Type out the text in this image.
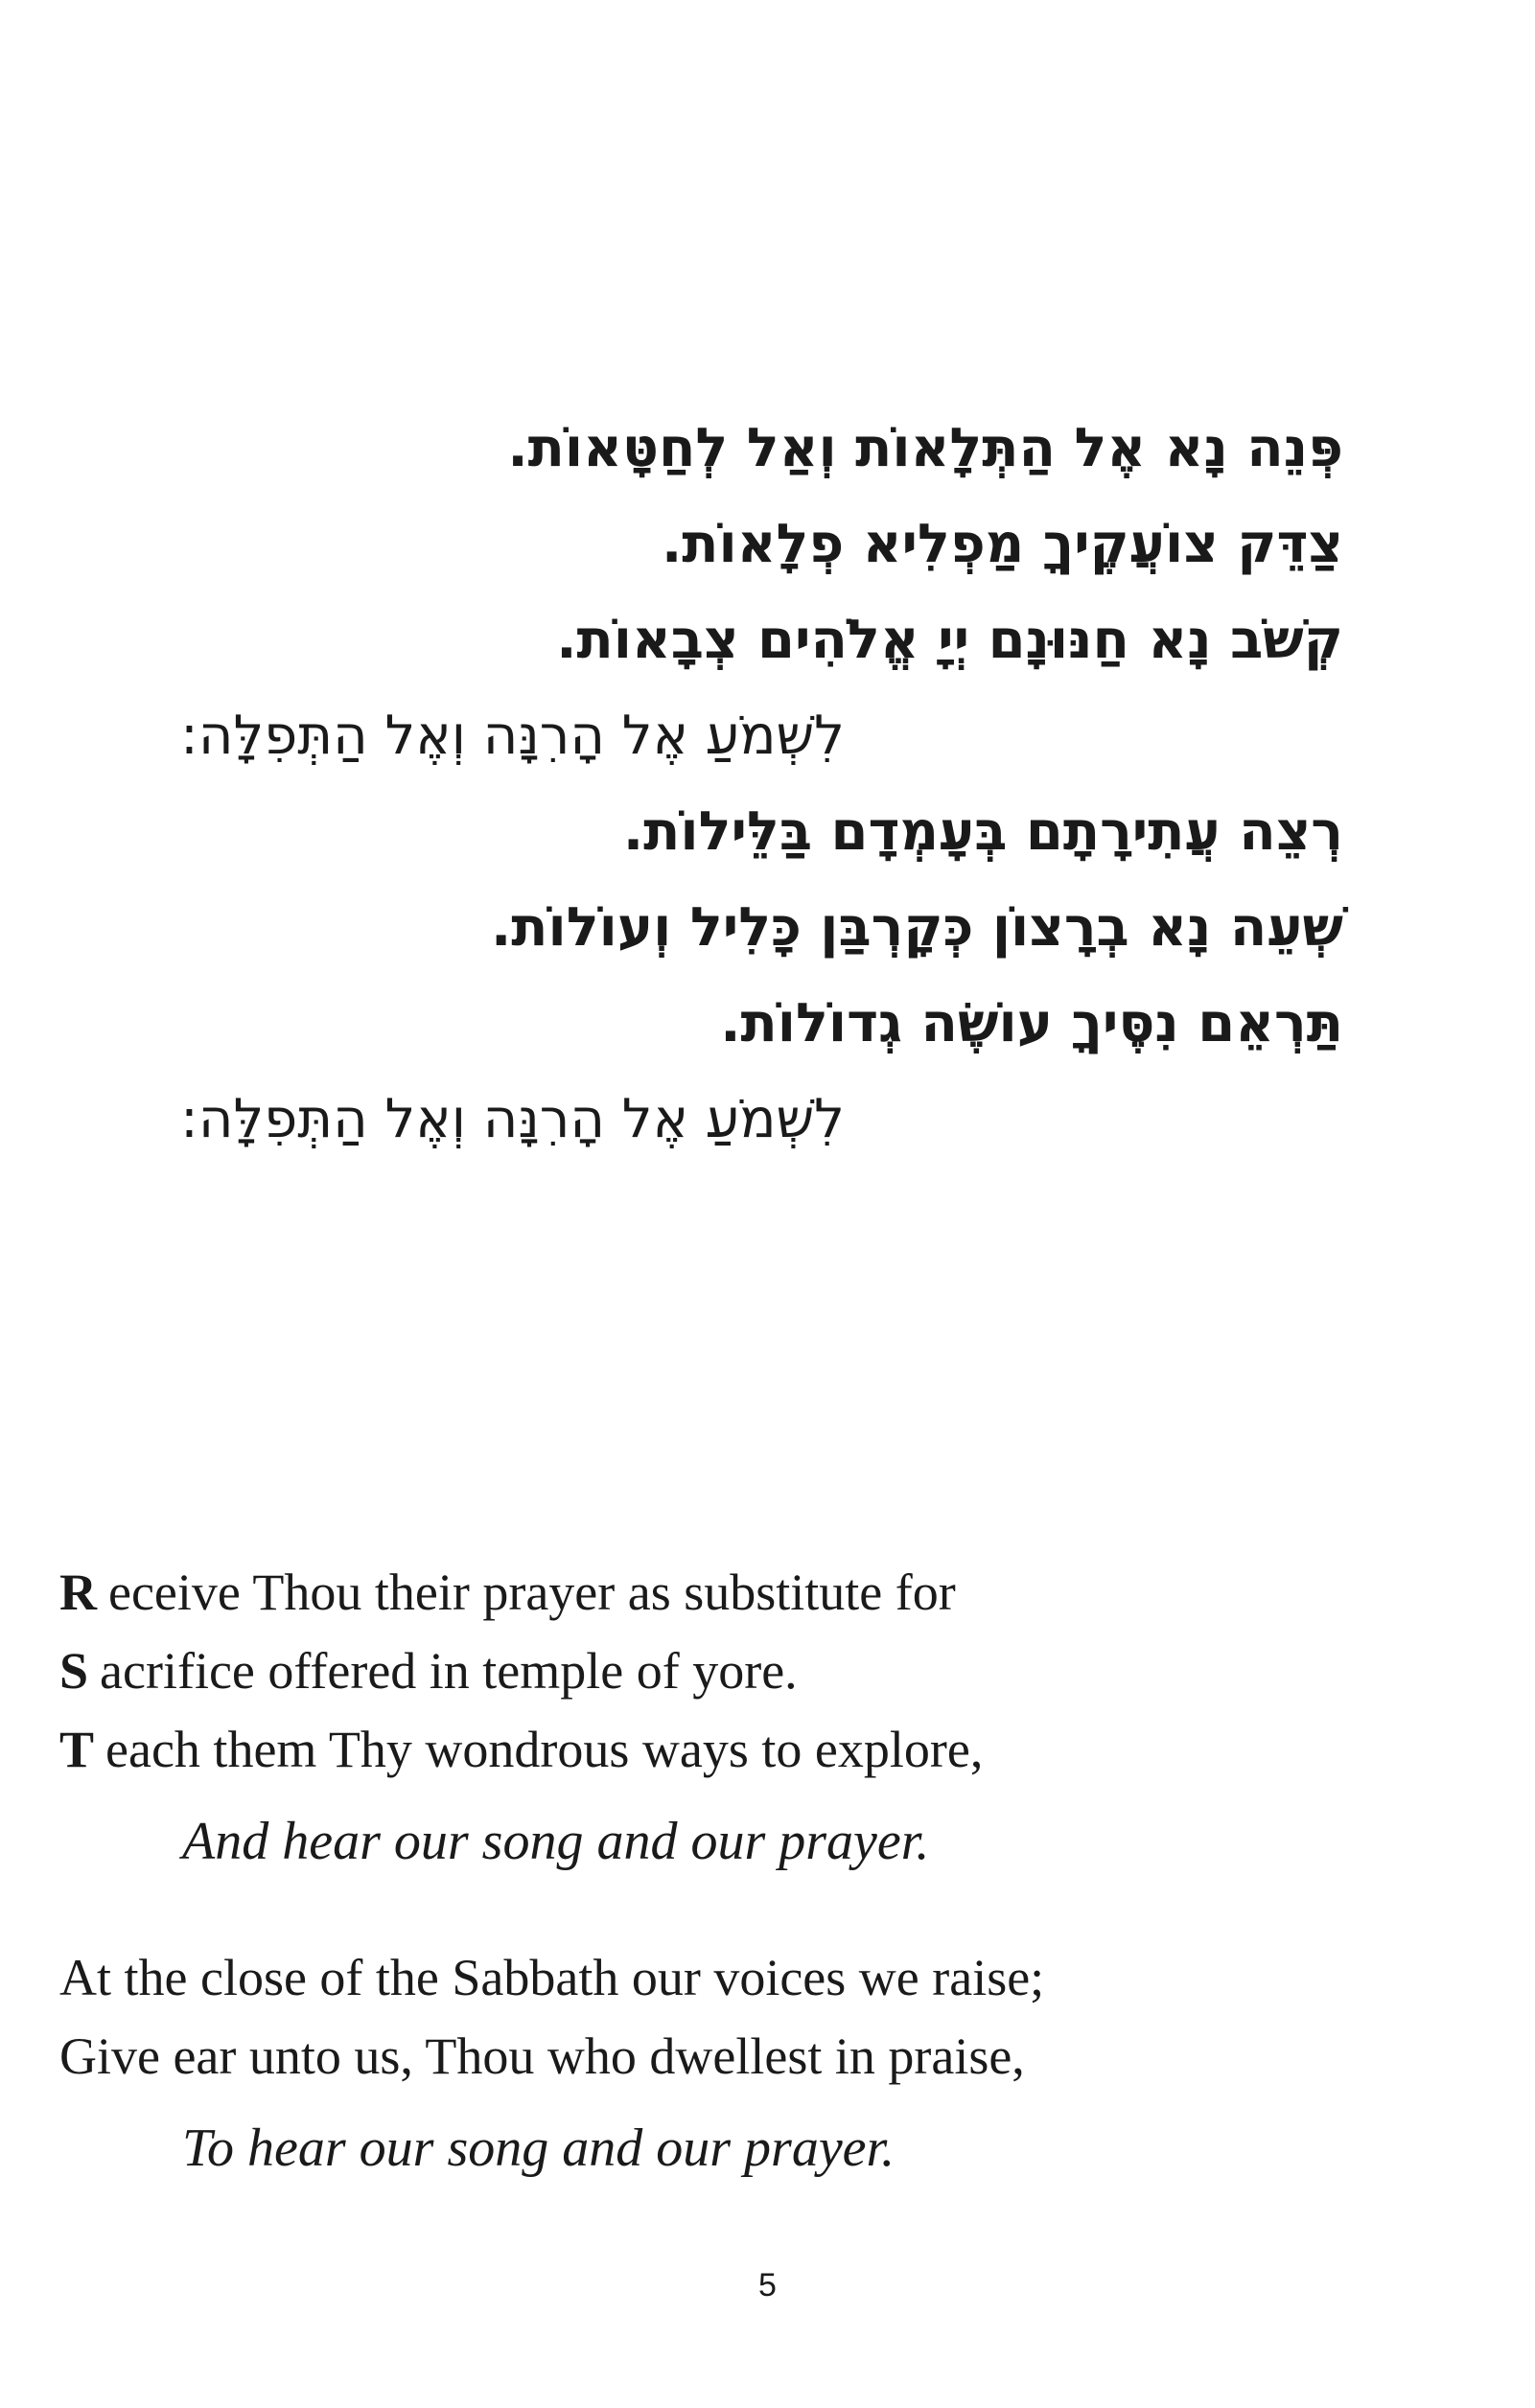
פְּנֵה נָא אֶל הַתְּלָאוֹת וְאַל לְחַטָּאוֹת.
צַדֵּק צוֹעֲקֶיךָ מַפְלִיא פְלָאוֹת.
קְשֹׁב נָא חַנּוּנָם יְיָ אֱלֹהִים צְבָאוֹת.
לִשְׁמֹעַ אֶל הָרִנָּה וְאֶל הַתְּפִלָּה:
רְצֵה עֲתִירָתָם בְּעָמְדָם בַּלֵּילוֹת.
שְׁעֵה נָא בְרָצוֹן כְּקָרְבַּן כָּלִיל וְעוֹלוֹת.
תַּרְאֵם נִסֶּיךָ עוֹשֶׂה גְדוֹלוֹת.
לִשְׁמֹעַ אֶל הָרִנָּה וְאֶל הַתְּפִלָּה:
R eceive Thou their prayer as substitute for
S acrifice offered in temple of yore.
T each them Thy wondrous ways to explore,
And hear our song and our prayer.
At the close of the Sabbath our voices we raise;
Give ear unto us, Thou who dwellest in praise,
To hear our song and our prayer.
5
